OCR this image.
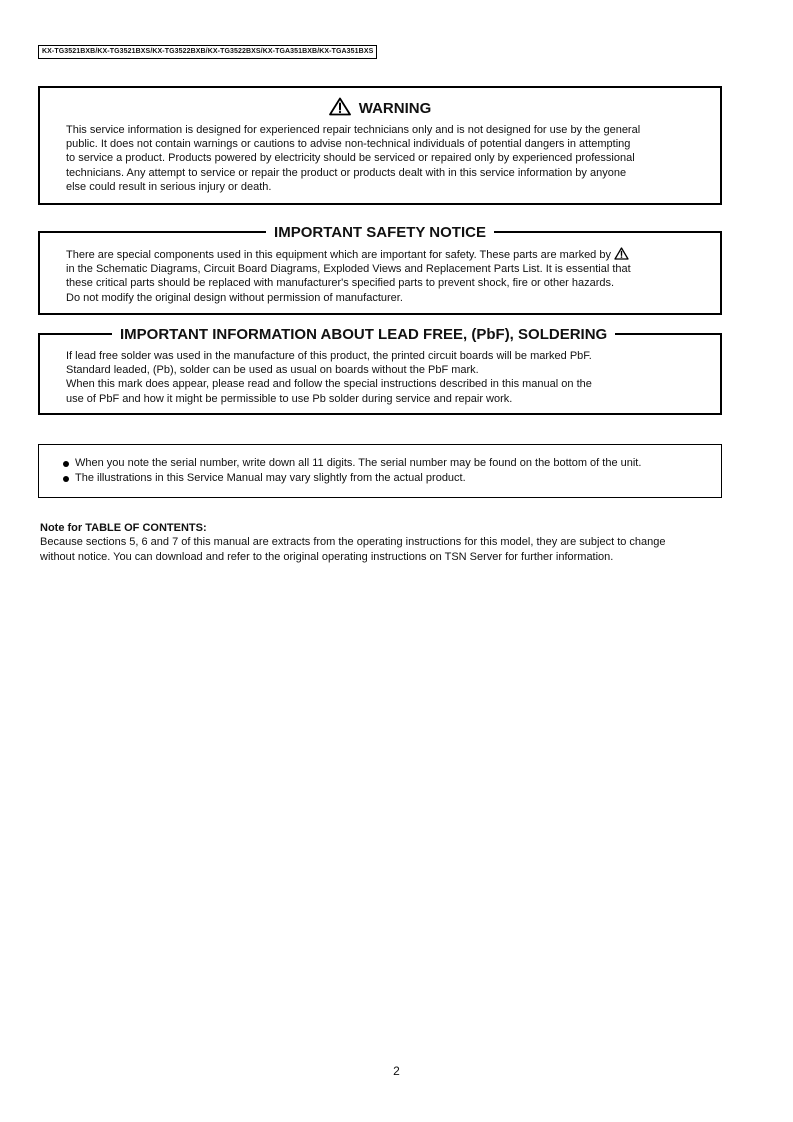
KX-TG3521BXB/KX-TG3521BXS/KX-TG3522BXB/KX-TG3522BXS/KX-TGA351BXB/KX-TGA351BXS
WARNING

This service information is designed for experienced repair technicians only and is not designed for use by the general

public. It does not contain warnings or cautions to advise non-technical individuals of potential dangers in attempting

to service a product. Products powered by electricity should be serviced or repaired only by experienced professional

technicians. Any attempt to service or repair the product or products dealt with in this service information by anyone

else could result in serious injury or death.

IMPORTANT SAFETY NOTICE

There are special components used in this equipment which are important for safety. These parts are marked by

in the Schematic Diagrams, Circuit Board Diagrams, Exploded Views and Replacement Parts List. It is essential that

these critical parts should be replaced with manufacturer's specified parts to prevent shock, fire or other hazards.

Do not modify the original design without permission of manufacturer.

IMPORTANT INFORMATION ABOUT LEAD FREE, (PbF), SOLDERING

If lead free solder was used in the manufacture of this product, the printed circuit boards will be marked PbF.

Standard leaded, (Pb), solder can be used as usual on boards without the PbF mark.

When this mark does appear, please read and follow the special instructions described in this manual on the

use of PbF and how it might be permissible to use Pb solder during service and repair work.

When you note the serial number, write down all 11 digits. The serial number may be found on the bottom of the unit.
The illustrations in this Service Manual may vary slightly from the actual product.
Note for TABLE OF CONTENTS:

Because sections 5, 6 and 7 of this manual are extracts from the operating instructions for this model, they are subject to change

without notice. You can download and refer to the original operating instructions on TSN Server for further information.

2
